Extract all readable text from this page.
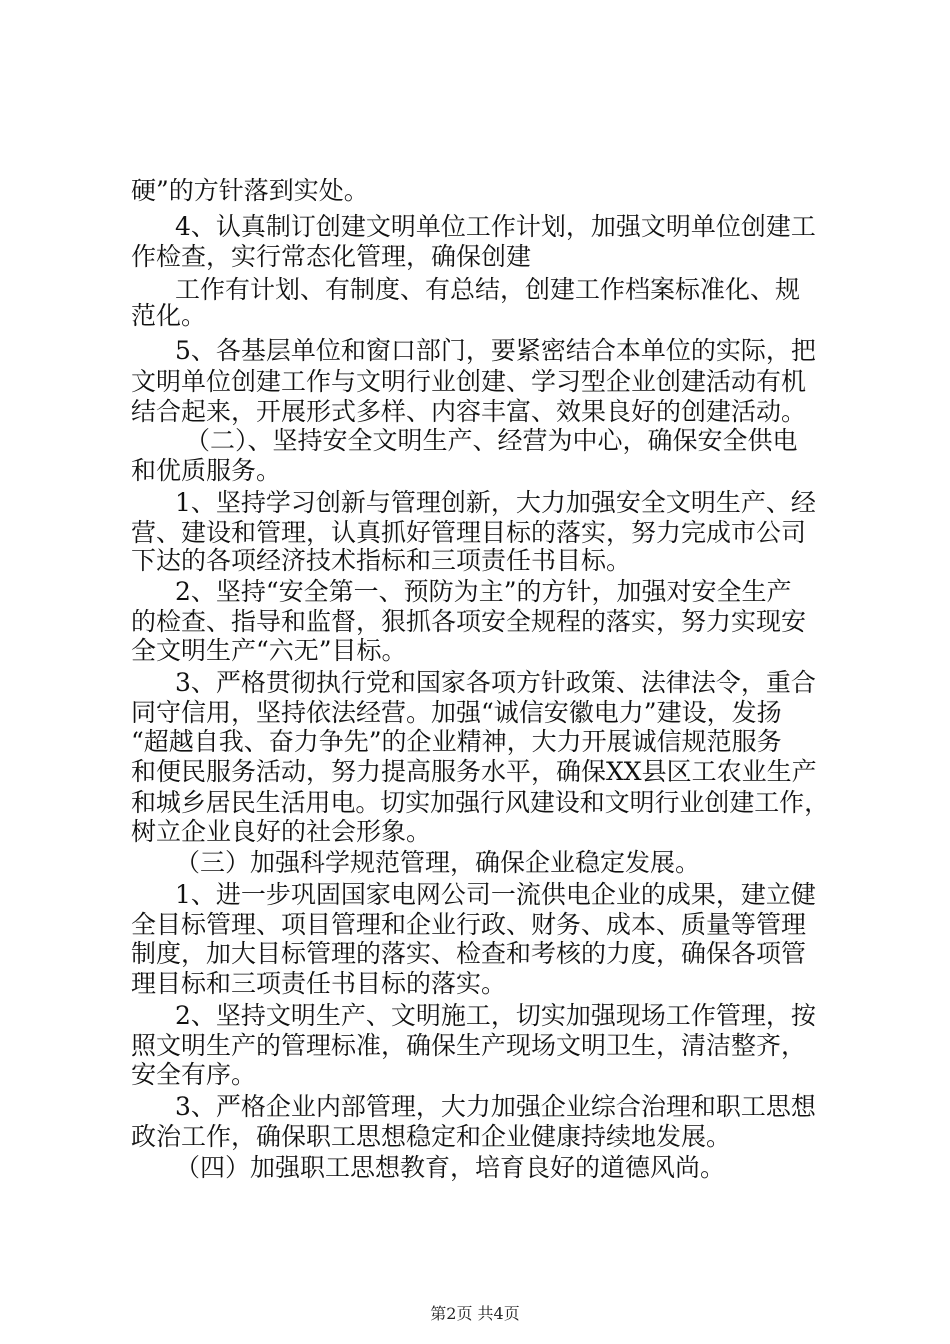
硬”的方针落到实处。
4、认真制订创建文明单位工作计划，加强文明单位创建工
作检查，实行常态化管理，确保创建
工作有计划、有制度、有总结，创建工作档案标准化、规
范化。
5、各基层单位和窗口部门，要紧密结合本单位的实际，把
文明单位创建工作与文明行业创建、学习型企业创建活动有机
结合起来，开展形式多样、内容丰富、效果良好的创建活动。
（二）、坚持安全文明生产、经营为中心，确保安全供电
和优质服务。
1、坚持学习创新与管理创新，大力加强安全文明生产、经
营、建设和管理，认真抓好管理目标的落实，努力完成市公司
下达的各项经济技术指标和三项责任书目标。
2、坚持“安全第一、预防为主”的方针，加强对安全生产
的检查、指导和监督，狠抓各项安全规程的落实，努力实现安
全文明生产“六无”目标。
3、严格贯彻执行党和国家各项方针政策、法律法令，重合
同守信用，坚持依法经营。加强“诚信安徽电力”建设，发扬
“超越自我、奋力争先”的企业精神，大力开展诚信规范服务
和便民服务活动，努力提高服务水平，确保XX县区工农业生产
和城乡居民生活用电。切实加强行风建设和文明行业创建工作，
树立企业良好的社会形象。
（三）加强科学规范管理，确保企业稳定发展。
1、进一步巩固国家电网公司一流供电企业的成果，建立健
全目标管理、项目管理和企业行政、财务、成本、质量等管理
制度，加大目标管理的落实、检查和考核的力度，确保各项管
理目标和三项责任书目标的落实。
2、坚持文明生产、文明施工，切实加强现场工作管理，按
照文明生产的管理标准，确保生产现场文明卫生，清洁整齐，
安全有序。
3、严格企业内部管理，大力加强企业综合治理和职工思想
政治工作，确保职工思想稳定和企业健康持续地发展。
（四）加强职工思想教育，培育良好的道德风尚。
第2页 共4页
